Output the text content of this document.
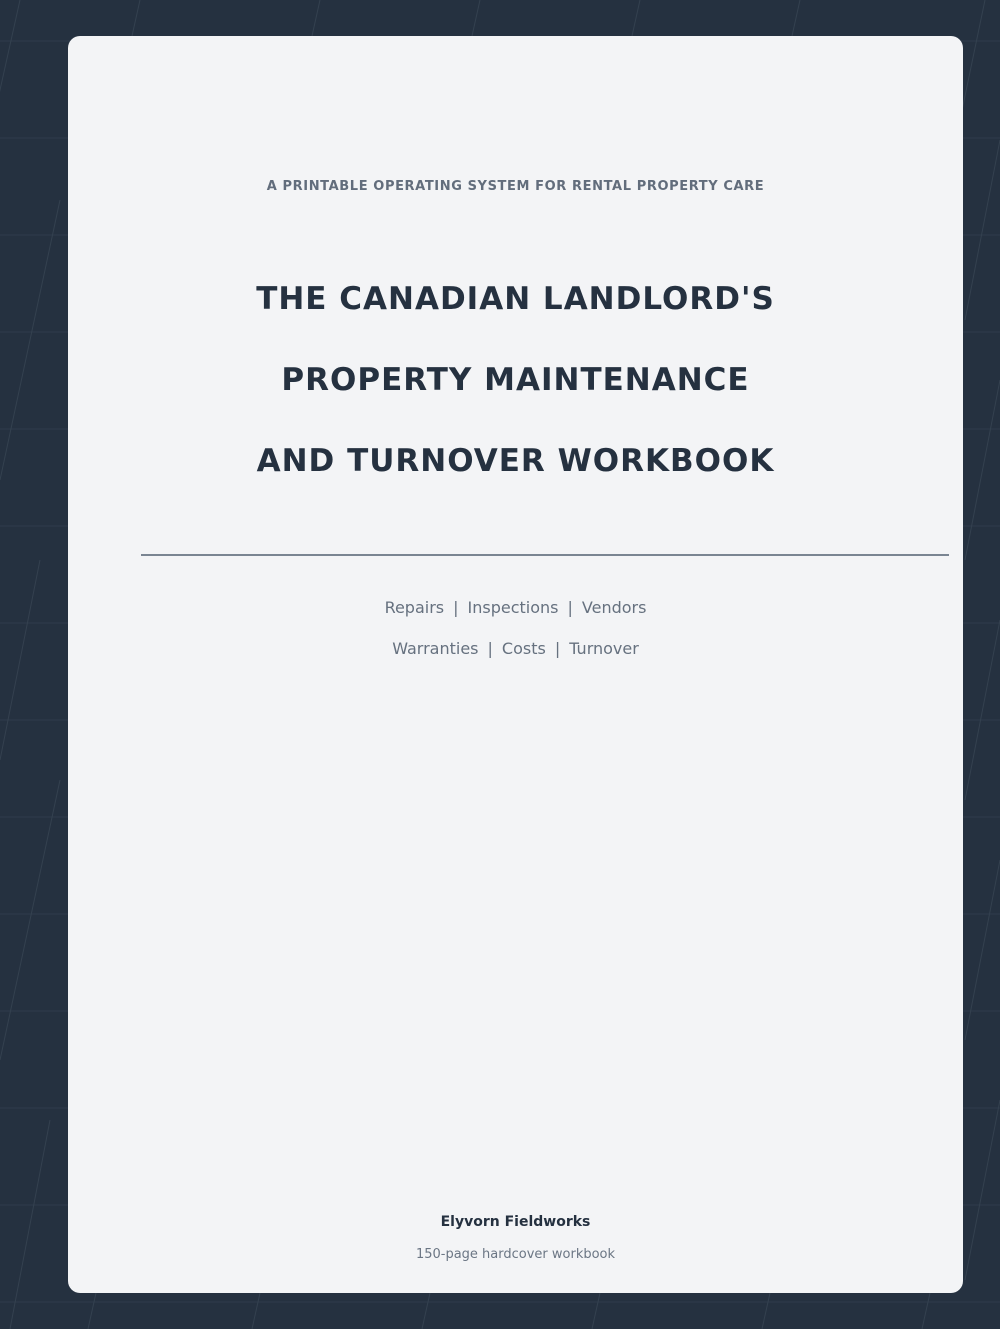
A PRINTABLE OPERATING SYSTEM FOR RENTAL PROPERTY CARE
THE CANADIAN LANDLORD'S
PROPERTY MAINTENANCE
AND TURNOVER WORKBOOK
Repairs | Inspections | Vendors
Warranties | Costs | Turnover
Elyvorn Fieldworks
150-page hardcover workbook
